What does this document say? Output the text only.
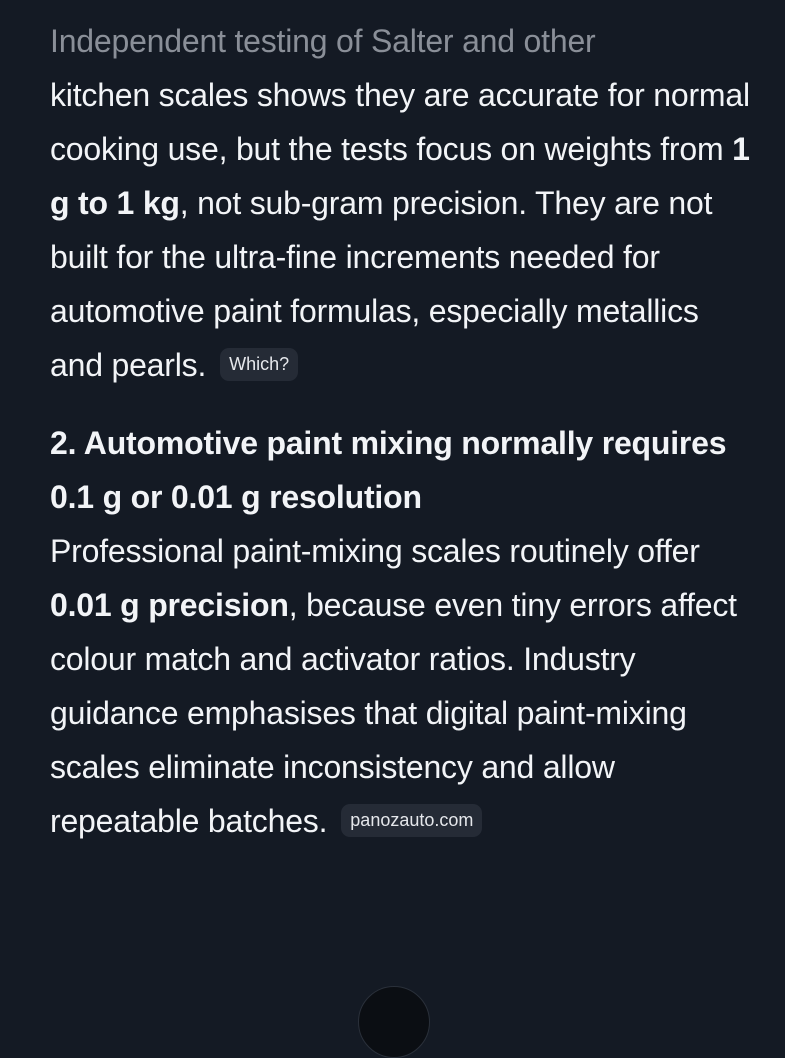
Independent testing of Salter and other
kitchen scales shows they are accurate for normal cooking use, but the tests focus on weights from 1 g to 1 kg, not sub-gram precision. They are not built for the ultra-fine increments needed for automotive paint formulas, especially metallics and pearls. Which?

2. Automotive paint mixing normally requires 0.1 g or 0.01 g resolution

Professional paint-mixing scales routinely offer 0.01 g precision, because even tiny errors affect colour match and activator ratios. Industry guidance emphasises that digital paint-mixing scales eliminate inconsistency and allow repeatable batches. panozauto.com
